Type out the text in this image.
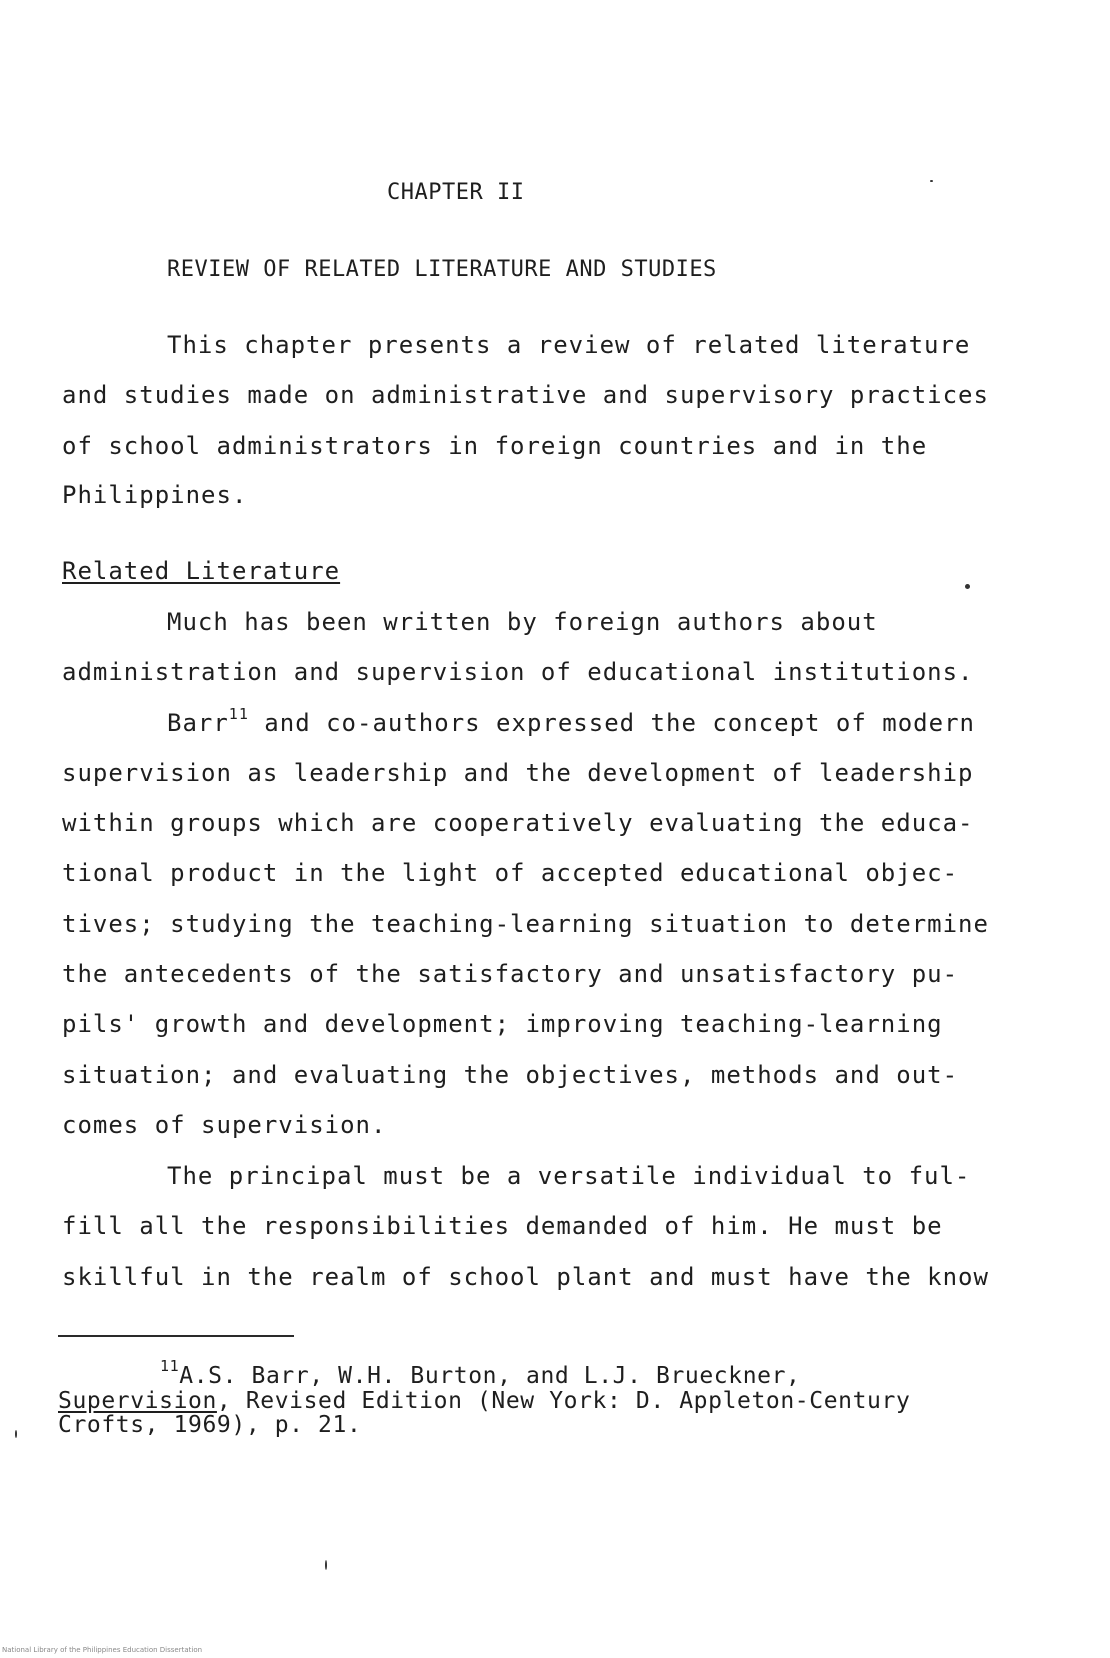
CHAPTER II
REVIEW OF RELATED LITERATURE AND STUDIES
This chapter presents a review of related literature
and studies made on administrative and supervisory practices
of school administrators in foreign countries and in the
Philippines.
Related Literature
Much has been written by foreign authors about
administration and supervision of educational institutions.
Barr$^{11}$ and co-authors expressed the concept of modern
supervision as leadership and the development of leadership
within groups which are cooperatively evaluating the educa-
tional product in the light of accepted educational objec-
tives; studying the teaching-learning situation to determine
the antecedents of the satisfactory and unsatisfactory pu-
pils' growth and development; improving teaching-learning
situation; and evaluating the objectives, methods and out-
comes of supervision.
The principal must be a versatile individual to ful-
fill all the responsibilities demanded of him. He must be
skillful in the realm of school plant and must have the know
$^{11}$A.S. Barr, W.H. Burton, and L.J. Brueckner,
Supervision, Revised Edition (New York: D. Appleton-Century
Crofts, 1969), p. 21.
National Library of the Philippines Education Dissertation
